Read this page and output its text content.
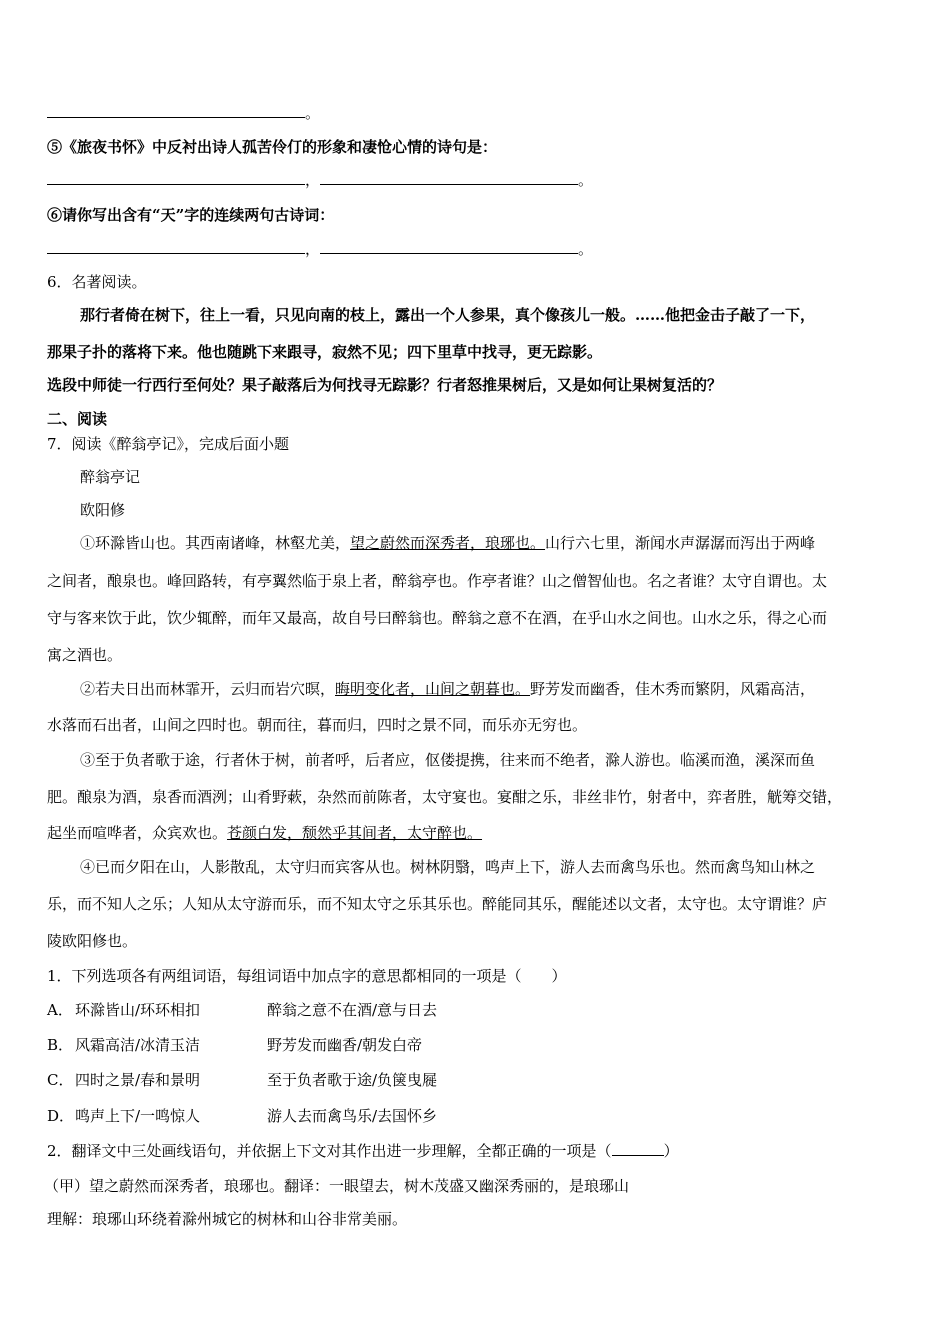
。
⑤《旅夜书怀》中反衬出诗人孤苦伶仃的形象和凄怆心情的诗句是：
，	。
⑥请你写出含有“天”字的连续两句古诗词：
，	。
6．名著阅读。
那行者倚在树下，往上一看，只见向南的枝上，露出一个人参果，真个像孩儿一般。……他把金击子敲了一下，
那果子扑的落将下来。他也随跳下来跟寻，寂然不见；四下里草中找寻，更无踪影。
选段中师徒一行西行至何处？果子敲落后为何找寻无踪影？行者怒推果树后，又是如何让果树复活的？
二、阅读
7．阅读《醉翁亭记》，完成后面小题
醉翁亭记
欧阳修
①环滁皆山也。其西南诸峰，林壑尤美，望之蔚然而深秀者，琅琊也。山行六七里，渐闻水声潺潺而泻出于两峰
之间者，酿泉也。峰回路转，有亭翼然临于泉上者，醉翁亭也。作亭者谁？山之僧智仙也。名之者谁？太守自谓也。太
守与客来饮于此，饮少辄醉，而年又最高，故自号曰醉翁也。醉翁之意不在酒，在乎山水之间也。山水之乐，得之心而
寓之酒也。
②若夫日出而林霏开，云归而岩穴暝，晦明变化者，山间之朝暮也。野芳发而幽香，佳木秀而繁阴，风霜高洁，
水落而石出者，山间之四时也。朝而往，暮而归，四时之景不同，而乐亦无穷也。
③至于负者歌于途，行者休于树，前者呼，后者应，伛偻提携，往来而不绝者，滁人游也。临溪而渔，溪深而鱼
肥。酿泉为酒，泉香而酒洌；山肴野蔌，杂然而前陈者，太守宴也。宴酣之乐，非丝非竹，射者中，弈者胜，觥筹交错，
起坐而喧哗者，众宾欢也。苍颜白发，颓然乎其间者，太守醉也。
④已而夕阳在山，人影散乱，太守归而宾客从也。树林阴翳，鸣声上下，游人去而禽鸟乐也。然而禽鸟知山林之
乐，而不知人之乐；人知从太守游而乐，而不知太守之乐其乐也。醉能同其乐，醒能述以文者，太守也。太守谓谁？庐
陵欧阳修也。
1．下列选项各有两组词语，每组词语中加点字的意思都相同的一项是（　　）
A． 环滁皆山/环环相扣	醉翁之意不在酒/意与日去
B． 风霜高洁/冰清玉洁	野芳发而幽香/朝发白帝
C． 四时之景/春和景明	至于负者歌于途/负箧曳屣
D．鸣声上下/一鸣惊人	游人去而禽鸟乐/去国怀乡
2．翻译文中三处画线语句，并依据上下文对其作出进一步理解，全都正确的一项是（	）
（甲）望之蔚然而深秀者，琅琊也。翻译：一眼望去，树木茂盛又幽深秀丽的，是琅琊山
理解：琅琊山环绕着滁州城它的树林和山谷非常美丽。
